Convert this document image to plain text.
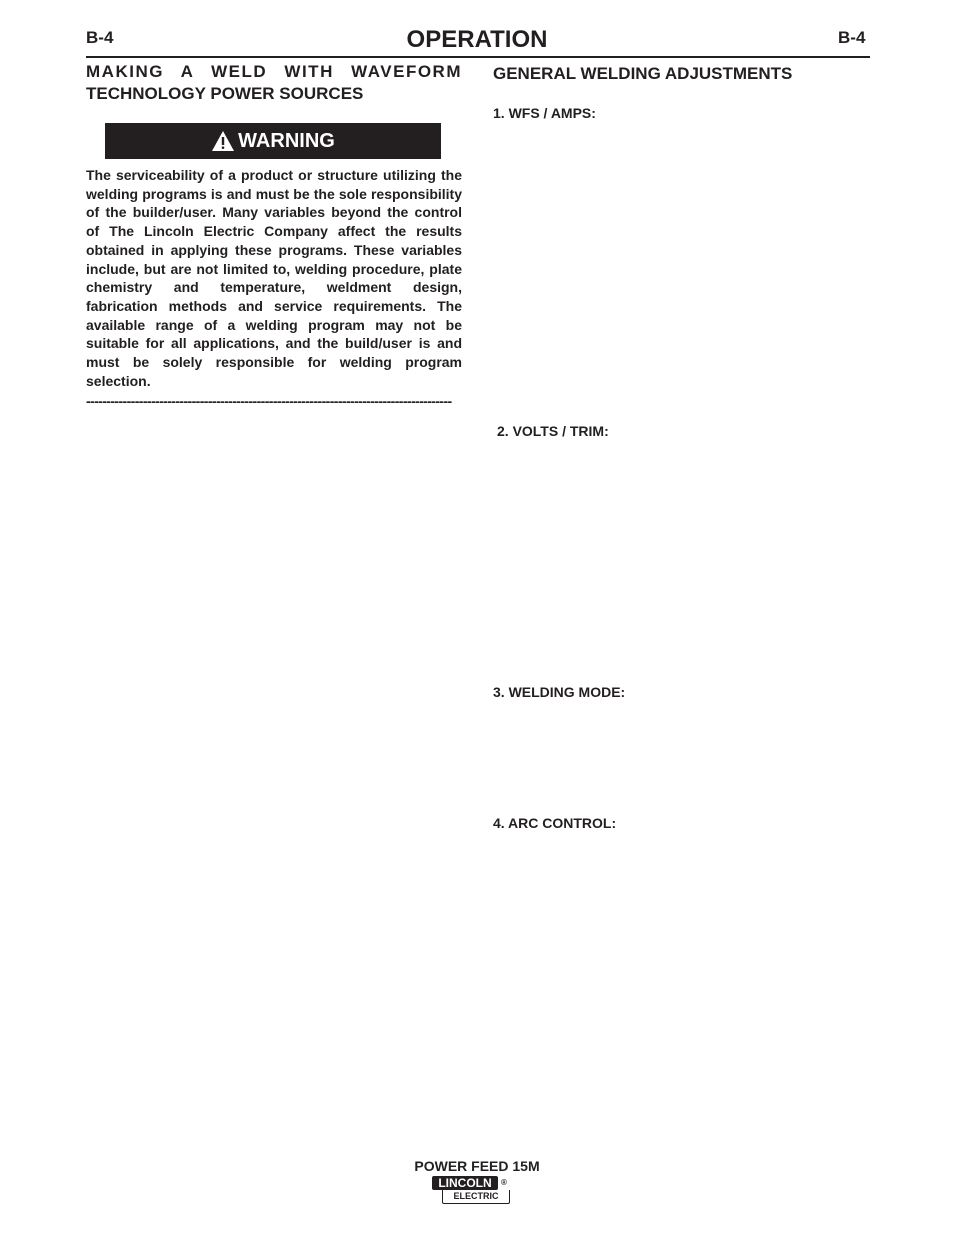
B-4	OPERATION	B-4
MAKING A WELD WITH WAVEFORM
TECHNOLOGY POWER SOURCES
WARNING
The serviceability of a product or structure utilizing the welding programs is and must be the sole responsibility of the builder/user. Many variables beyond the control of The Lincoln Electric Company affect the results obtained in applying these programs. These variables include, but are not limited to, welding procedure, plate chemistry and temperature, weldment design, fabrication methods and service requirements. The available range of a welding program may not be suitable for all applications, and the build/user is and must be solely responsible for welding program selection.
------------------------------------------------------------------------------------------
GENERAL WELDING ADJUSTMENTS
1. WFS / AMPS:
2. VOLTS / TRIM:
3. WELDING MODE:
4. ARC CONTROL:
POWER FEED 15M
LINCOLN	®
ELECTRIC
